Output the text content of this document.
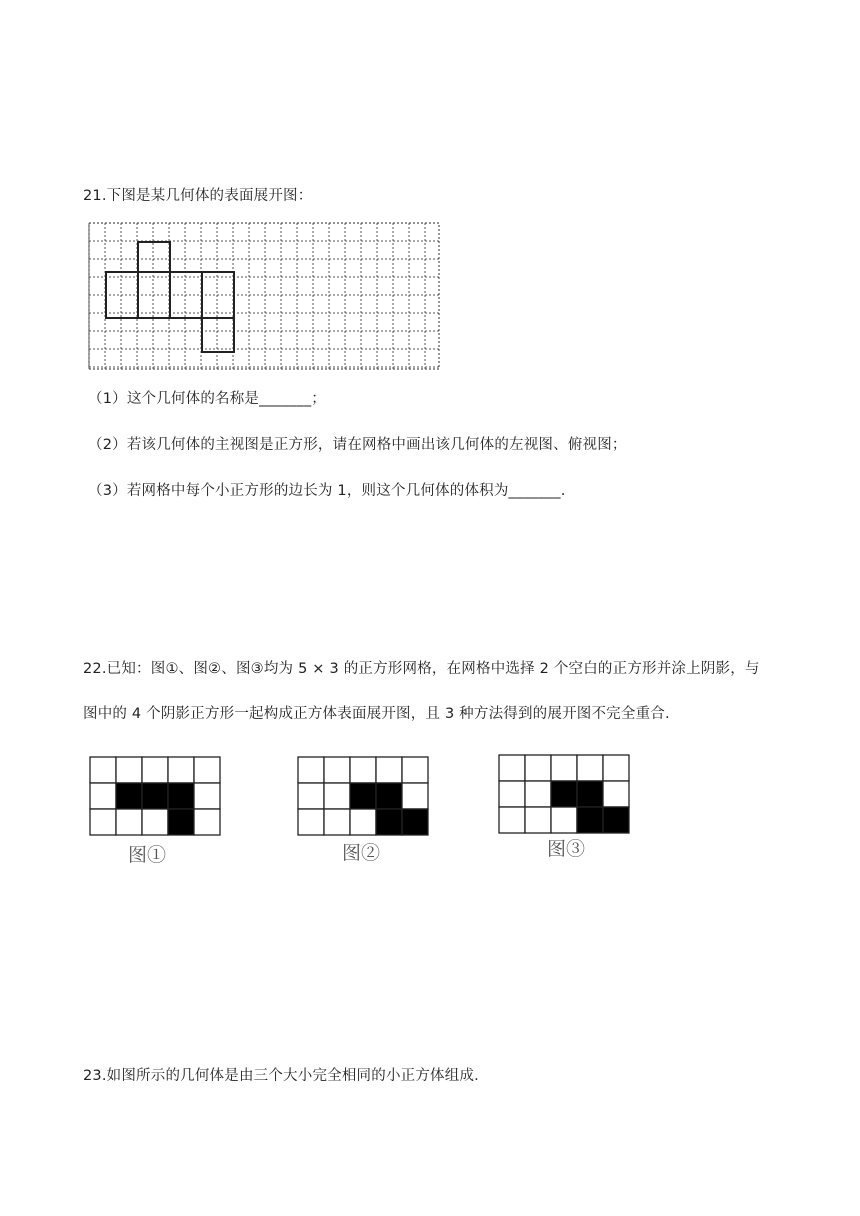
21.下图是某几何体的表面展开图：
（1）这个几何体的名称是_______；
（2）若该几何体的主视图是正方形，请在网格中画出该几何体的左视图、俯视图；
（3）若网格中每个小正方形的边长为 1，则这个几何体的体积为_______.
22.已知：图①、图②、图③均为 5 × 3 的正方形网格，在网格中选择 2 个空白的正方形并涂上阴影，与
图中的 4 个阴影正方形一起构成正方体表面展开图，且 3 种方法得到的展开图不完全重合.
图①	图②	图③
23.如图所示的几何体是由三个大小完全相同的小正方体组成.
